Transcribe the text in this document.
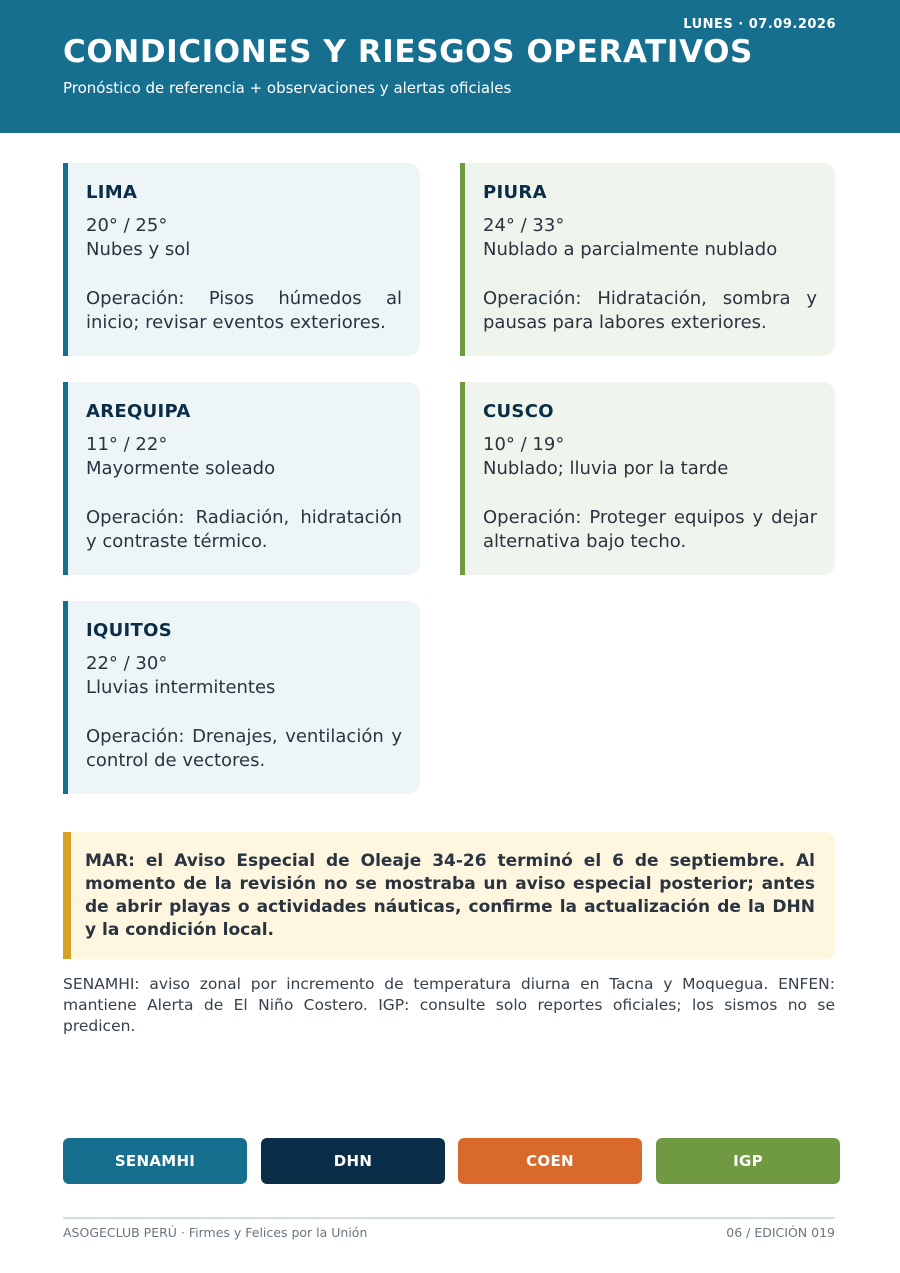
LUNES · 07.09.2026
CONDICIONES Y RIESGOS OPERATIVOS
Pronóstico de referencia + observaciones y alertas oficiales
LIMA
20° / 25°
Nubes y sol
Operación: Pisos húmedos al inicio; revisar eventos exteriores.
PIURA
24° / 33°
Nublado a parcialmente nublado
Operación: Hidratación, sombra y pausas para labores exteriores.
AREQUIPA
11° / 22°
Mayormente soleado
Operación: Radiación, hidratación y contraste térmico.
CUSCO
10° / 19°
Nublado; lluvia por la tarde
Operación: Proteger equipos y dejar alternativa bajo techo.
IQUITOS
22° / 30°
Lluvias intermitentes
Operación: Drenajes, ventilación y control de vectores.
MAR: el Aviso Especial de Oleaje 34-26 terminó el 6 de septiembre. Al momento de la revisión no se mostraba un aviso especial posterior; antes de abrir playas o actividades náuticas, confirme la actualización de la DHN y la condición local.
SENAMHI: aviso zonal por incremento de temperatura diurna en Tacna y Moquegua. ENFEN: mantiene Alerta de El Niño Costero. IGP: consulte solo reportes oficiales; los sismos no se predicen.
SENAMHI	DHN	COEN	IGP
ASOGECLUB PERÚ · Firmes y Felices por la Unión	06 / EDICIÓN 019
